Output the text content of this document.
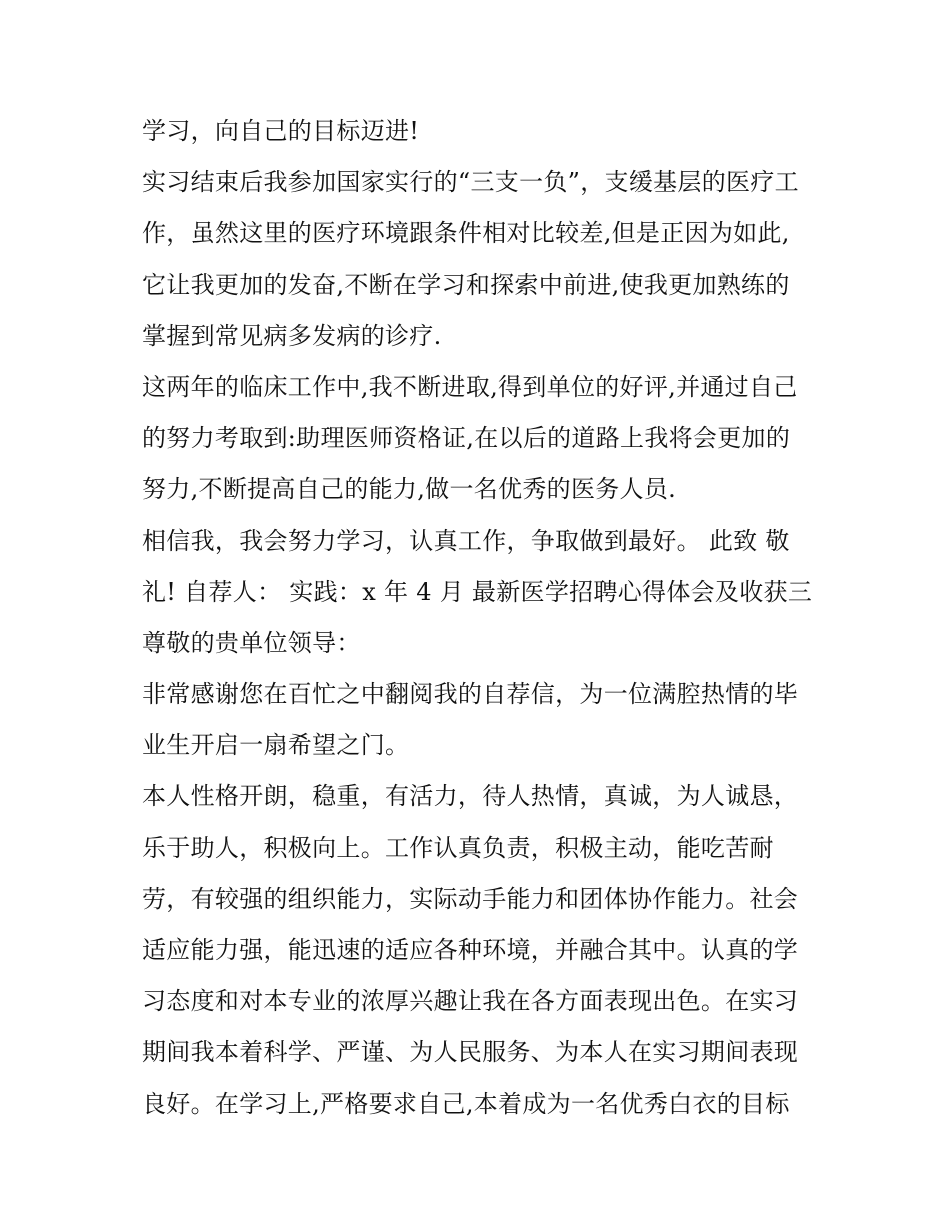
学习，向自己的目标迈进!
实习结束后我参加国家实行的“三支一负”，支缓基层的医疗工
作，虽然这里的医疗环境跟条件相对比较差,但是正因为如此,
它让我更加的发奋,不断在学习和探索中前进,使我更加熟练的
掌握到常见病多发病的诊疗.
这两年的临床工作中,我不断进取,得到单位的好评,并通过自己
的努力考取到:助理医师资格证,在以后的道路上我将会更加的
努力,不断提高自己的能力,做一名优秀的医务人员.
相信我，我会努力学习，认真工作，争取做到最好。 此致 敬
礼! 自荐人： 实践：x 年 4 月 最新医学招聘心得体会及收获三
尊敬的贵单位领导：
非常感谢您在百忙之中翻阅我的自荐信，为一位满腔热情的毕
业生开启一扇希望之门。
本人性格开朗，稳重，有活力，待人热情，真诚，为人诚恳，
乐于助人，积极向上。工作认真负责，积极主动，能吃苦耐
劳，有较强的组织能力，实际动手能力和团体协作能力。社会
适应能力强，能迅速的适应各种环境，并融合其中。认真的学
习态度和对本专业的浓厚兴趣让我在各方面表现出色。在实习
期间我本着科学、严谨、为人民服务、为本人在实习期间表现
良好。在学习上,严格要求自己,本着成为一名优秀白衣的目标
